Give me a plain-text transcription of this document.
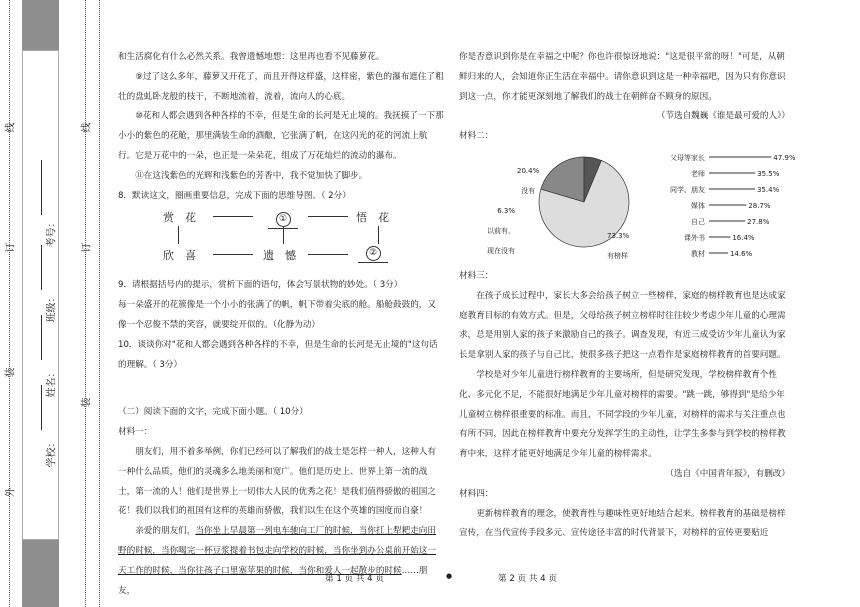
线
订
装
外
线
订
装
考号：
班级：
姓名：
学校：

和生活腐化有什么必然关系。我曾遗憾地想：这里再也看不见藤萝花。

⑨过了这么多年，藤萝又开花了，而且开得这样盛，这样密，紫色的瀑布遮住了粗壮的盘虬卧龙般的枝干，不断地流着，流着，流向人的心底。

⑩花和人都会遇到各种各样的不幸，但是生命的长河是无止境的。我抚摸了一下那小小的紫色的花舱，那里满装生命的酒酿，它张满了帆，在这闪光的花的河流上航行。它是万花中的一朵，也正是一朵朵花，组成了万花灿烂的流动的瀑布。

⑪在这浅紫色的光辉和浅紫色的芳香中，我不觉加快了脚步。

8．默读这文，圈画重要信息，完成下面的思维导图。（ 2分）

赏　花	①	悟　花
欣　喜	遗　憾	②

9．请根据括号内的提示，赏析下面的语句，体会写景状物的妙处。（ 3分）

每一朵盛开的花簇像是一个小小的张满了的帆，帆下带着尖底的舱。船舱鼓鼓的，又像一个忍俊不禁的笑容，就要绽开似的。（化静为动）

10．谈谈你对"花和人都会遇到各种各样的不幸，但是生命的长河是无止境的"这句话的理解。（ 3分）

（二）阅读下面的文字，完成下面小题。（ 10分）

材料一：

朋友们，用不着多举例，你们已经可以了解我们的战士是怎样一种人，这种人有一种什么品质，他们的灵魂多么地美丽和宽广。他们是历史上、世界上第一流的战士，第一流的人！他们是世界上一切伟大人民的优秀之花！是我们值得骄傲的祖国之花！我们以我们的祖国有这样的英雄而骄傲，我们以生在这个英雄的国度而自豪！

亲爱的朋友们，当你坐上早晨第一列电车驰向工厂的时候，当你扛上犁耙走向田野的时候，当你喝完一杯豆浆提着书包走向学校的时候，当你坐到办公桌前开始这一天工作的时候，当你往孩子口里塞苹果的时候，当你和爱人一起散步的时候……朋友，

你是否意识到你是在幸福之中呢？你也许很惊讶地说："这是很平常的呀！"可是，从朝鲜归来的人，会知道你正生活在幸福中。请你意识到这是一种幸福吧，因为只有你意识到这一点，你才能更深刻地了解我们的战士在朝鲜奋不顾身的原因。

（节选自魏巍《谁是最可爱的人》）

材料二：

父母等家长	47.9%
老师	35.5%
同学、朋友	35.4%
媒体	28.7%
自己	27.8%
课外书	16.4%
教材	14.6%
20.4%
没有
6.3%
以前有，
现在没有
73.3%
有榜样

材料三：

在孩子成长过程中，家长大多会给孩子树立一些榜样，家庭的榜样教育也是达成家庭教育目标的有效方式。但是，父母给孩子树立榜样时往往较少考虑少年儿童的心理需求，总是用别人家的孩子来激励自己的孩子。调查发现，有近三成受访少年儿童认为家长是拿别人家的孩子与自己比，使很多孩子把这一点看作是家庭榜样教育的首要问题。

学校是对少年儿童进行榜样教育的主要场所，但是研究发现，学校榜样教育个性化、多元化不足，不能很好地满足少年儿童对榜样的需要。"跳一跳，够得到"是给少年儿童树立榜样很重要的标准。而且，不同学段的少年儿童，对榜样的需求与关注重点也有所不同，因此在榜样教育中要充分发挥学生的主动性，让学生多参与到学校的榜样教育中来，这样才能更好地满足少年儿童的榜样需求。

（选自《中国青年报》，有删改）

材料四：

更新榜样教育的理念，使教育性与趣味性更好地结合起来。榜样教育的基础是榜样宣传，在当代宣传手段多元、宣传途径丰富的时代背景下，对榜样的宣传更要贴近

第 1 页 共 4 页	●	第 2 页 共 4 页
